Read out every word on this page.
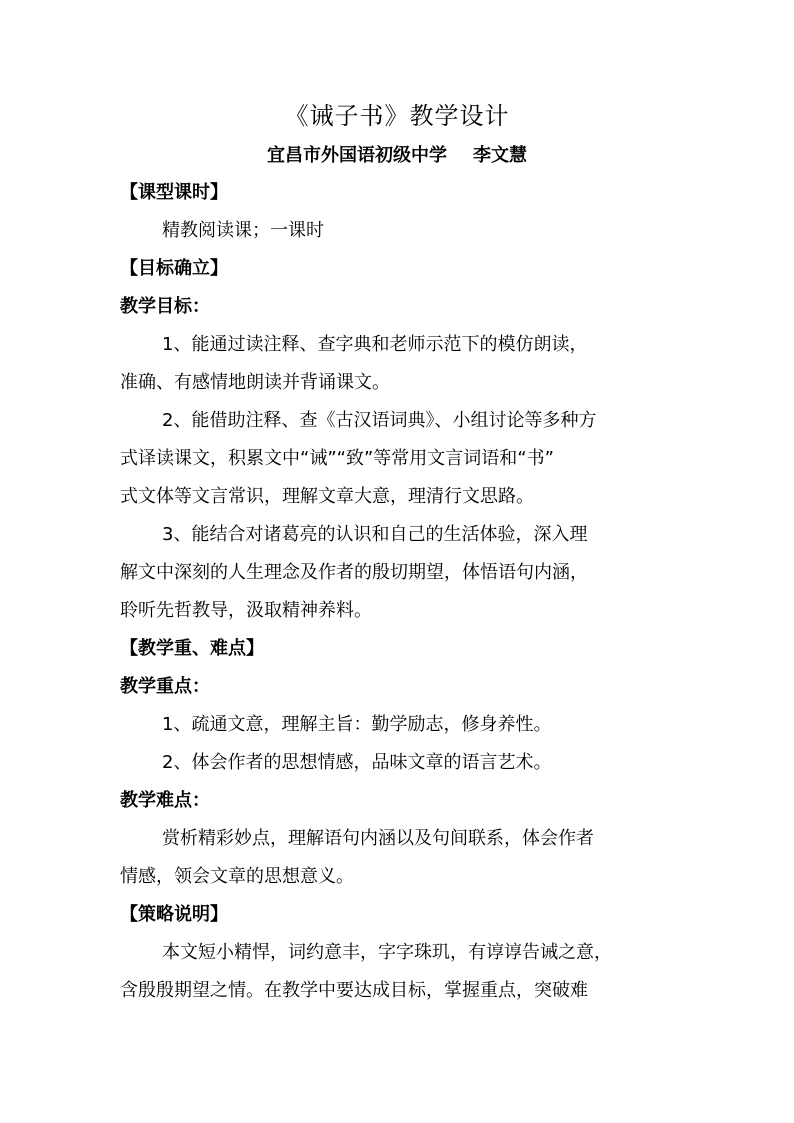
《诫子书》教学设计
宜昌市外国语初级中学 李文慧
【课型课时】
精教阅读课；一课时
【目标确立】
教学目标：
1、能通过读注释、查字典和老师示范下的模仿朗读，
准确、有感情地朗读并背诵课文。
2、能借助注释、查《古汉语词典》、小组讨论等多种方
式译读课文，积累文中“诫”“致”等常用文言词语和“书”
式文体等文言常识，理解文章大意，理清行文思路。
3、能结合对诸葛亮的认识和自己的生活体验，深入理
解文中深刻的人生理念及作者的殷切期望，体悟语句内涵，
聆听先哲教导，汲取精神养料。
【教学重、难点】
教学重点：
1、疏通文意，理解主旨：勤学励志，修身养性。
2、体会作者的思想情感，品味文章的语言艺术。
教学难点：
赏析精彩妙点，理解语句内涵以及句间联系，体会作者
情感，领会文章的思想意义。
【策略说明】
本文短小精悍，词约意丰，字字珠玑，有谆谆告诫之意，
含殷殷期望之情。在教学中要达成目标，掌握重点，突破难
